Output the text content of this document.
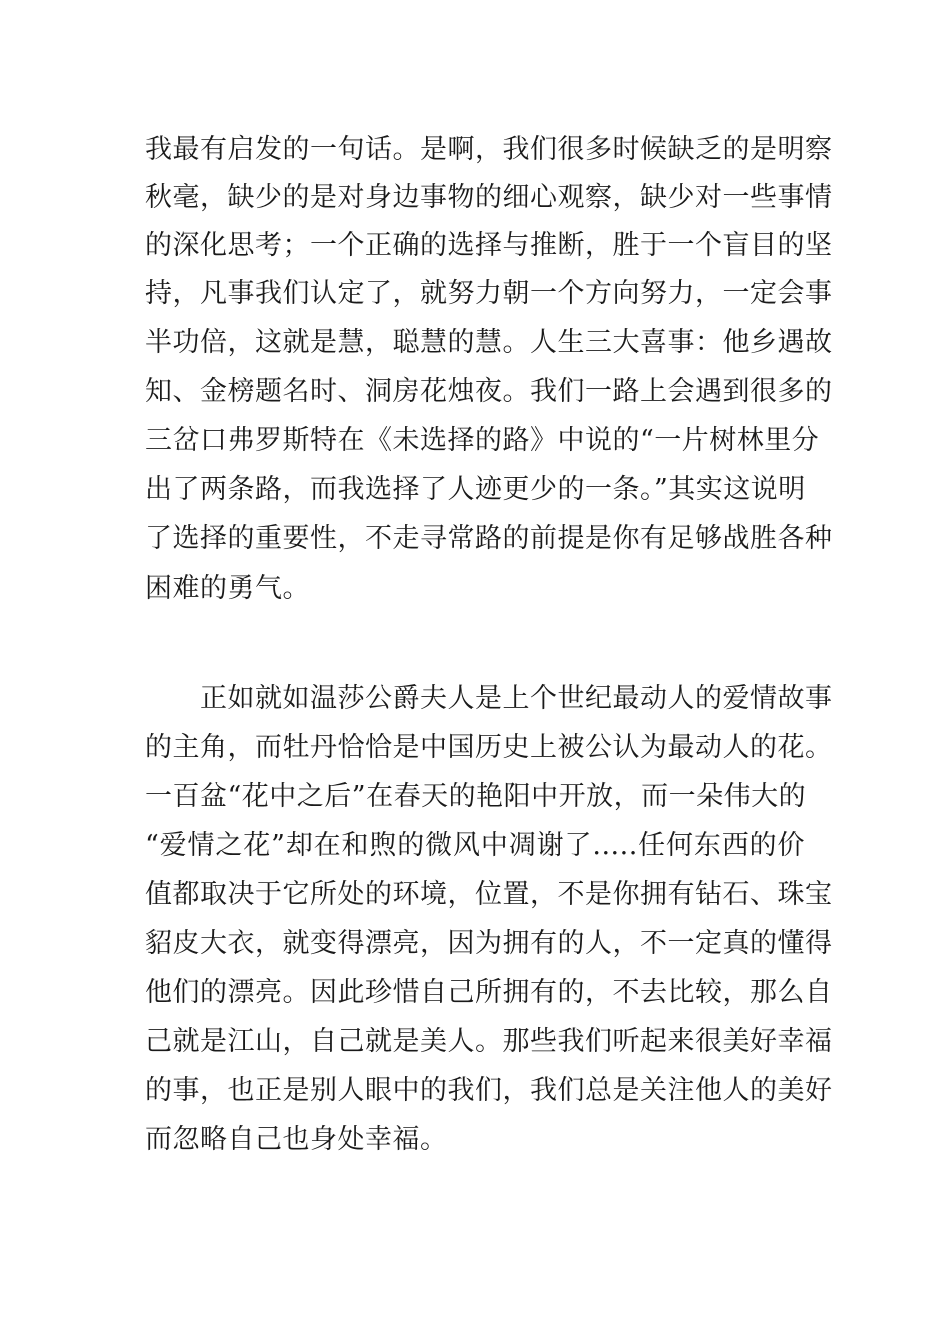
我最有启发的一句话。是啊，我们很多时候缺乏的是明察
秋毫，缺少的是对身边事物的细心观察，缺少对一些事情
的深化思考；一个正确的选择与推断，胜于一个盲目的坚
持，凡事我们认定了，就努力朝一个方向努力，一定会事
半功倍，这就是慧，聪慧的慧。人生三大喜事：他乡遇故
知、金榜题名时、洞房花烛夜。我们一路上会遇到很多的
三岔口弗罗斯特在《未选择的路》中说的“一片树林里分
出了两条路，而我选择了人迹更少的一条。”其实这说明
了选择的重要性，不走寻常路的前提是你有足够战胜各种
困难的勇气。
正如就如温莎公爵夫人是上个世纪最动人的爱情故事
的主角，而牡丹恰恰是中国历史上被公认为最动人的花。
一百盆“花中之后”在春天的艳阳中开放，而一朵伟大的
“爱情之花”却在和煦的微风中凋谢了.....任何东西的价
值都取决于它所处的环境，位置，不是你拥有钻石、珠宝
貂皮大衣，就变得漂亮，因为拥有的人，不一定真的懂得
他们的漂亮。因此珍惜自己所拥有的，不去比较，那么自
己就是江山，自己就是美人。那些我们听起来很美好幸福
的事，也正是别人眼中的我们，我们总是关注他人的美好
而忽略自己也身处幸福。
